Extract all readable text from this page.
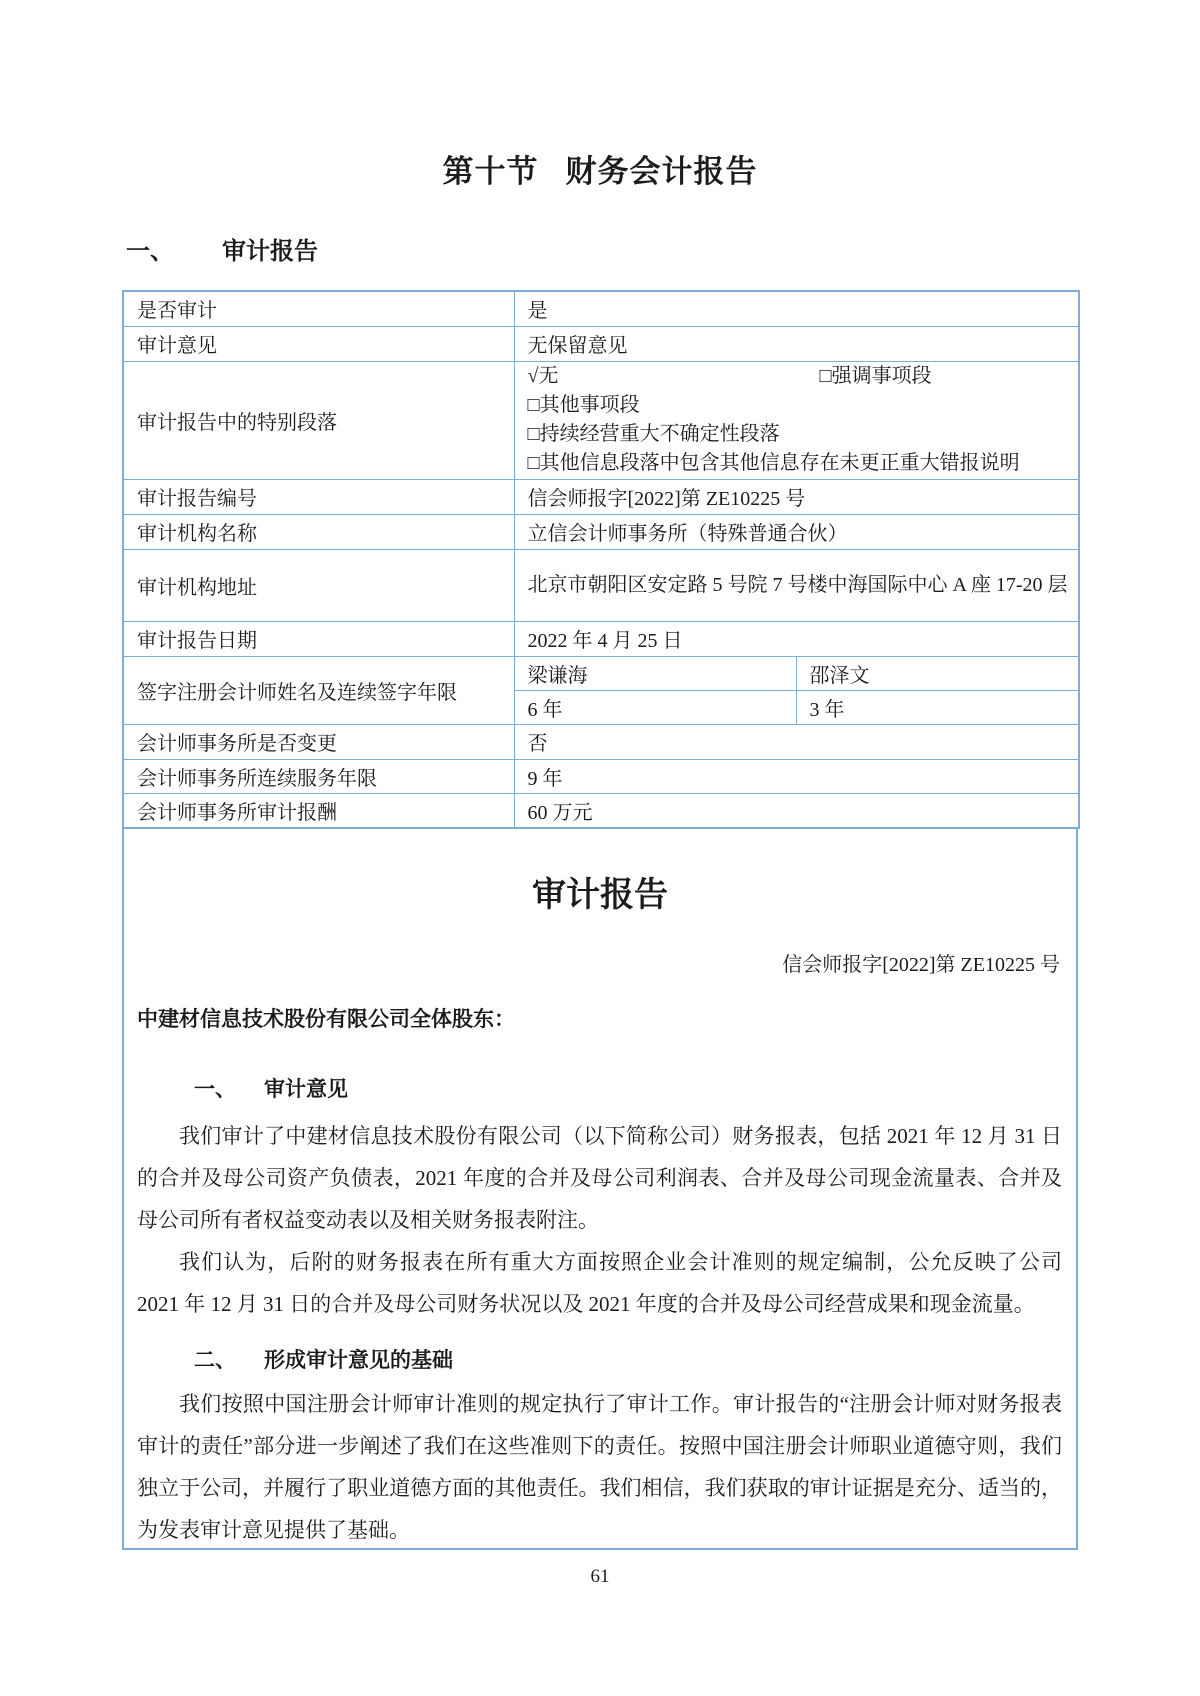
第十节 财务会计报告
一、 审计报告
是否审计	是	
审计意见	无保留意见	
审计报告中的特别段落	√无 □强调事项段
□其他事项段
□持续经营重大不确定性段落
□其他信息段落中包含其他信息存在未更正重大错报说明	

审计报告编号	信会师报字[2022]第 ZE10225 号	
审计机构名称	立信会计师事务所（特殊普通合伙）	
审计机构地址	北京市朝阳区安定路 5 号院 7 号楼中海国际中心 A 座 17-20 层	
审计报告日期	2022 年 4 月 25 日	
签字注册会计师姓名及连续签字年限	梁谦海	邵泽文
	6 年	3 年
会计师事务所是否变更	否	
会计师事务所连续服务年限	9 年	
会计师事务所审计报酬	60 万元	
审计报告
信会师报字[2022]第 ZE10225 号
中建材信息技术股份有限公司全体股东：
一、 审计意见

我们审计了中建材信息技术股份有限公司（以下简称公司）财务报表，包括 2021 年 12 月 31 日的合并及母公司资产负债表，2021 年度的合并及母公司利润表、合并及母公司现金流量表、合并及母公司所有者权益变动表以及相关财务报表附注。

我们认为，后附的财务报表在所有重大方面按照企业会计准则的规定编制，公允反映了公司 2021 年 12 月 31 日的合并及母公司财务状况以及 2021 年度的合并及母公司经营成果和现金流量。

二、 形成审计意见的基础

我们按照中国注册会计师审计准则的规定执行了审计工作。审计报告的“注册会计师对财务报表审计的责任”部分进一步阐述了我们在这些准则下的责任。按照中国注册会计师职业道德守则，我们独立于公司，并履行了职业道德方面的其他责任。我们相信，我们获取的审计证据是充分、适当的，为发表审计意见提供了基础。

61
